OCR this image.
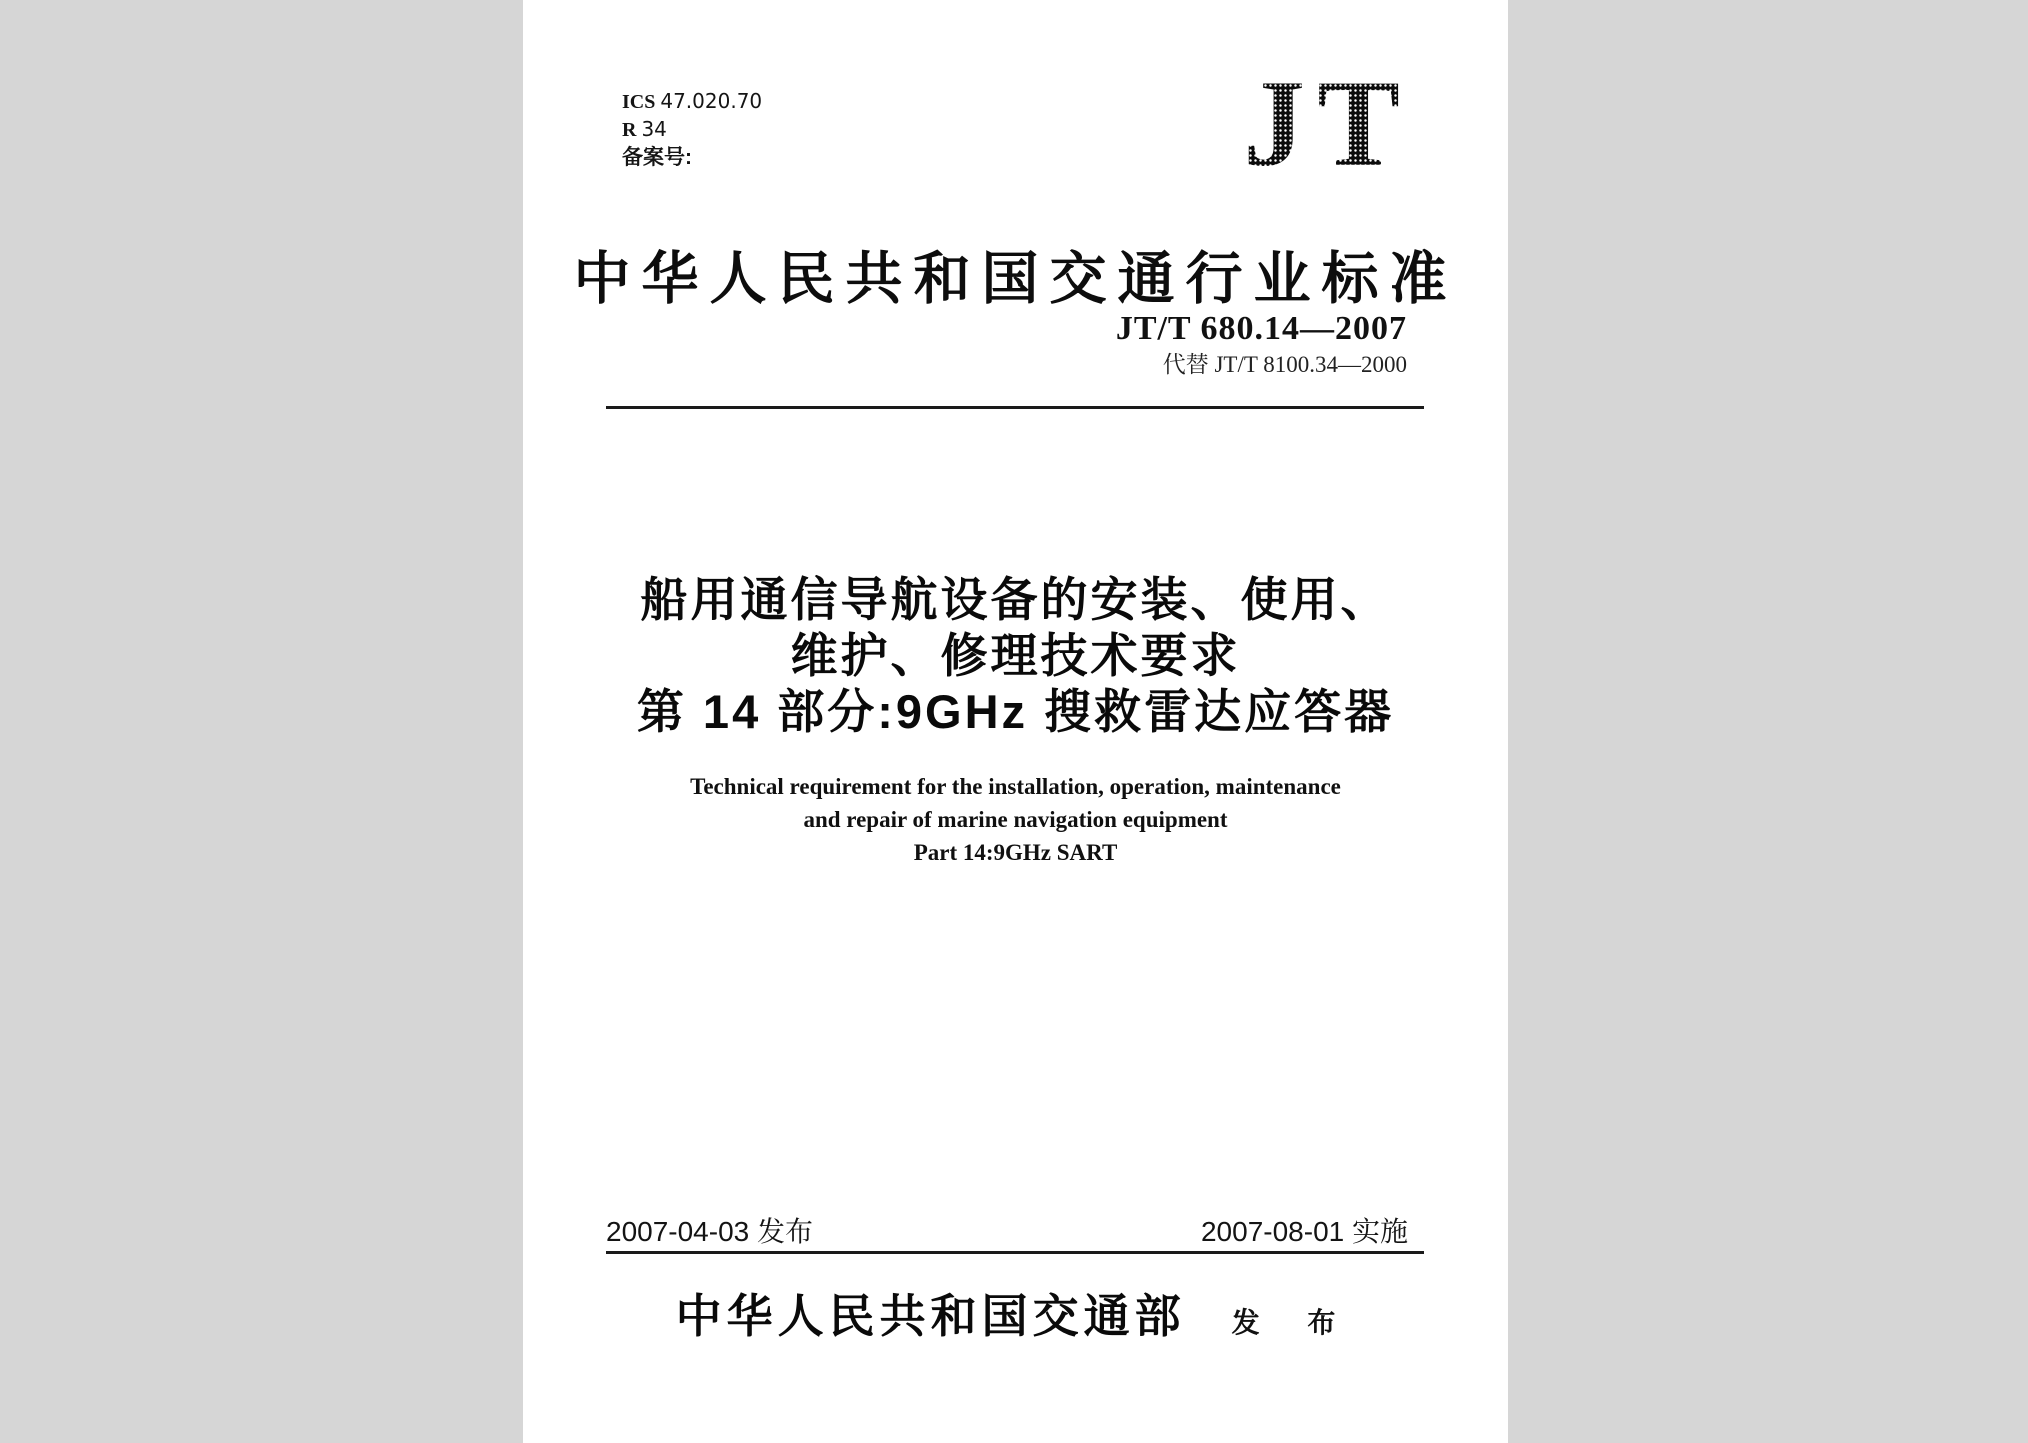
ICS 47.020.70
R 34
备案号:	JT
中华人民共和国交通行业标准
JT/T 680.14—2007
代替 JT/T 8100.34—2000
船用通信导航设备的安装、使用、
维护、修理技术要求
第 14 部分:9GHz 搜救雷达应答器
Technical requirement for the installation, operation, maintenance
and repair of marine navigation equipment
Part 14:9GHz SART
2007-04-03 发布	2007-08-01 实施
中华人民共和国交通部 发 布
